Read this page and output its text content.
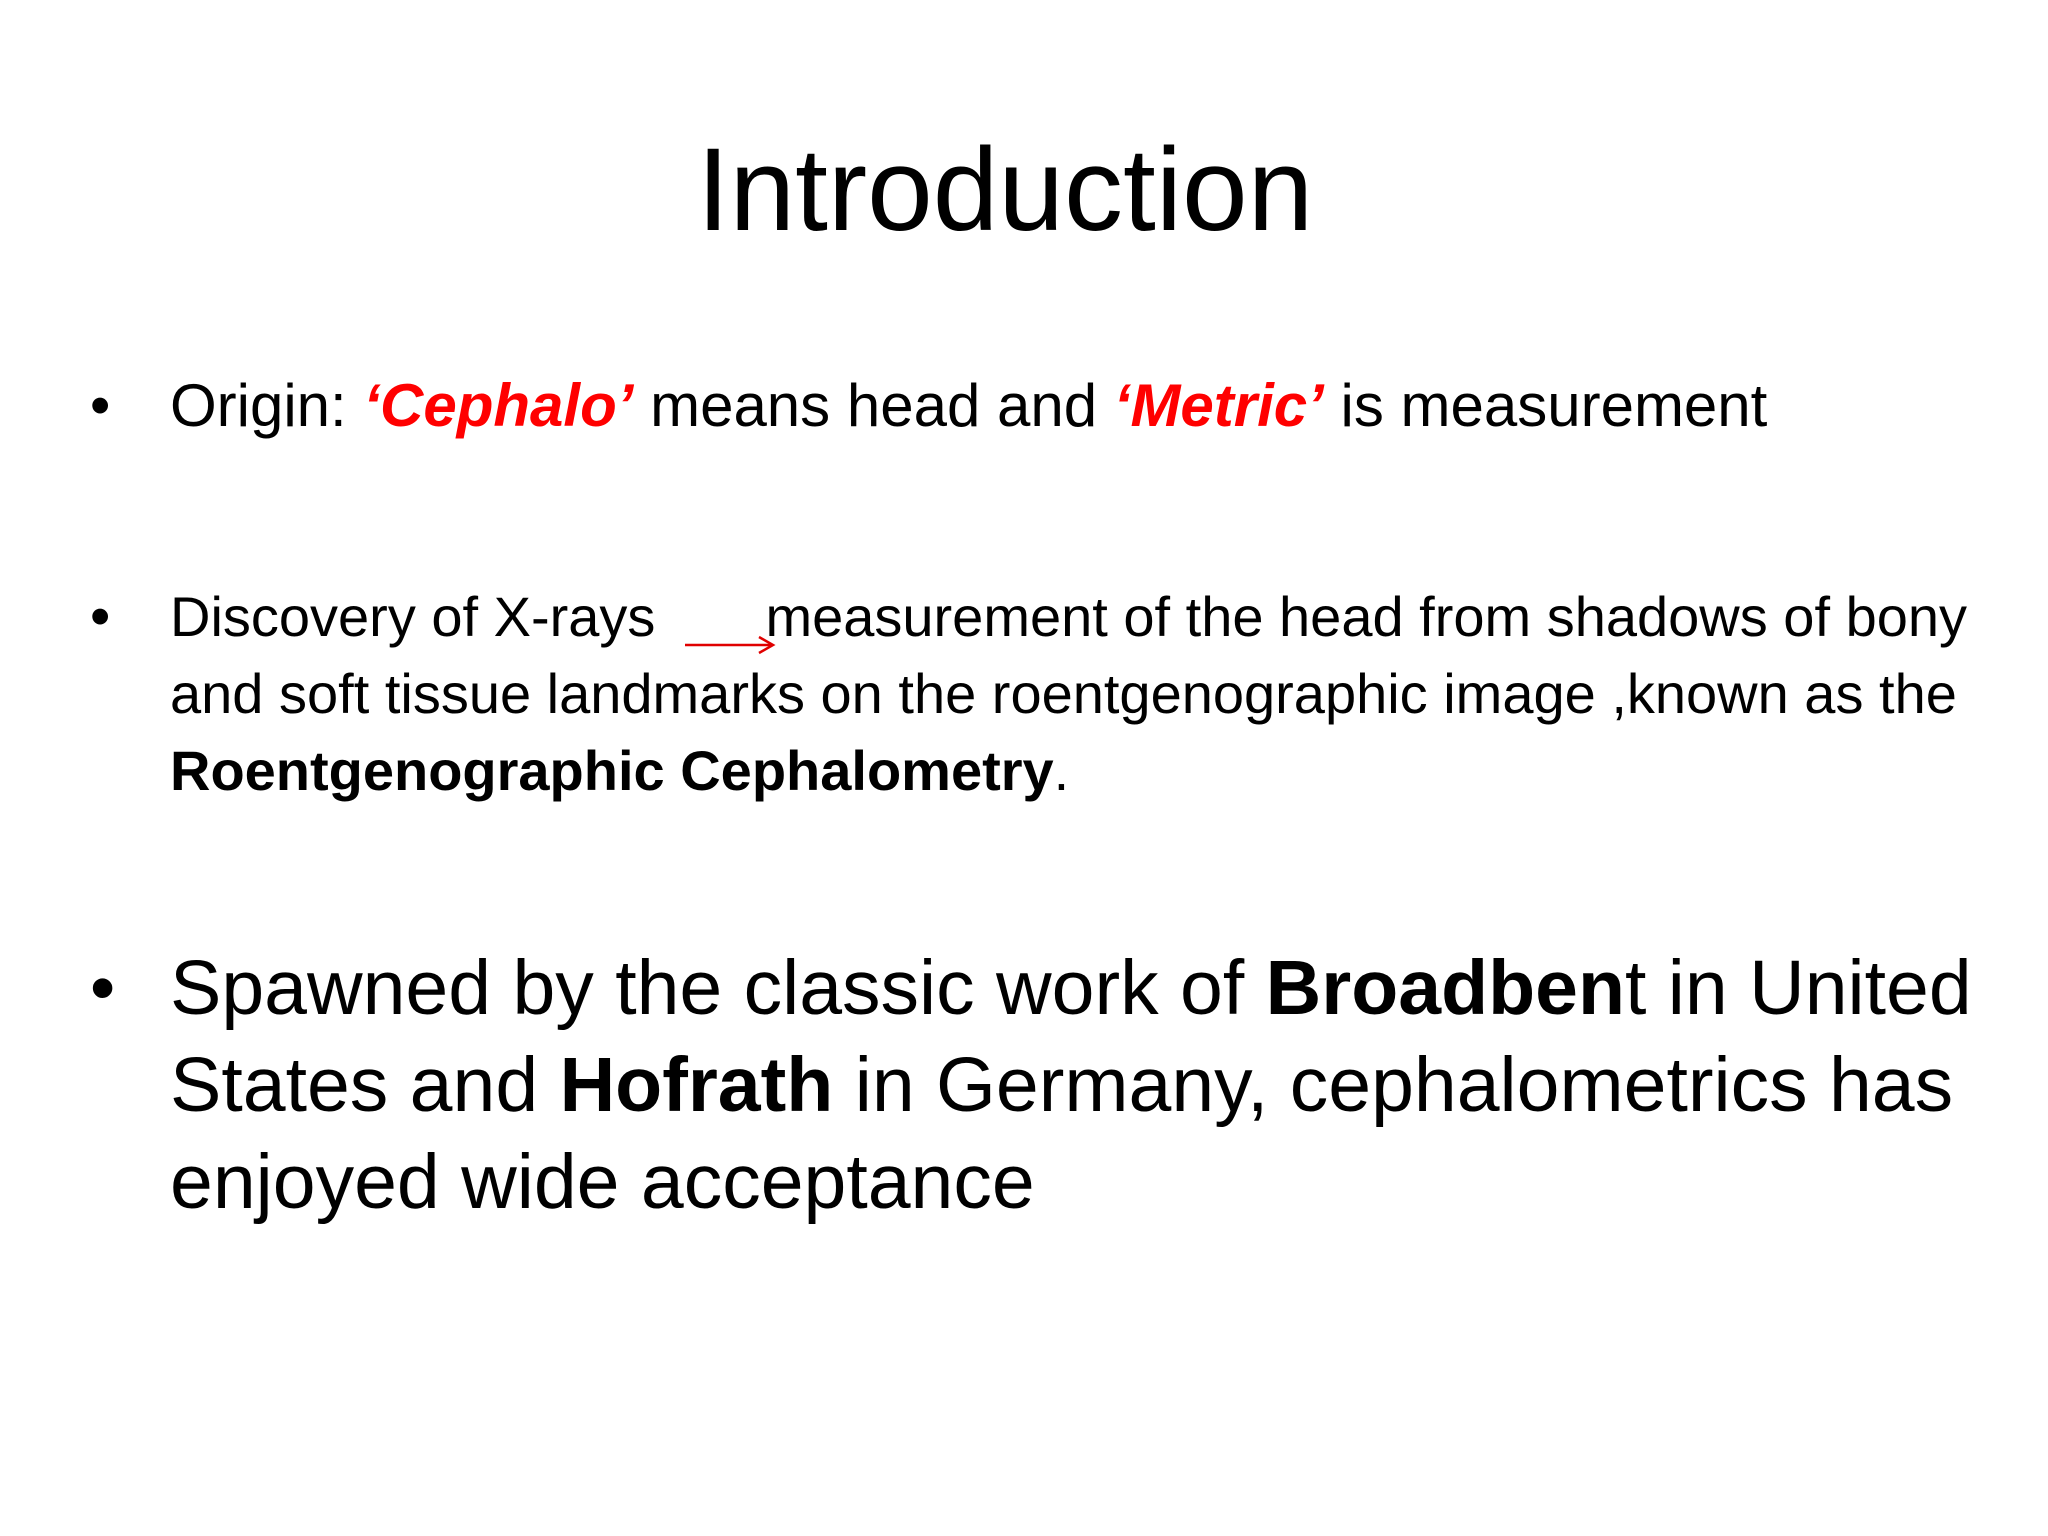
Introduction
• Origin: ‘Cephalo’ means head and ‘Metric’ is measurement
• Discovery of X-rays measurement of the head from shadows of bony and soft tissue landmarks on the roentgenographic image ,known as the Roentgenographic Cephalometry.
• Spawned by the classic work of Broadbent in United States and Hofrath in Germany, cephalometrics has enjoyed wide acceptance
